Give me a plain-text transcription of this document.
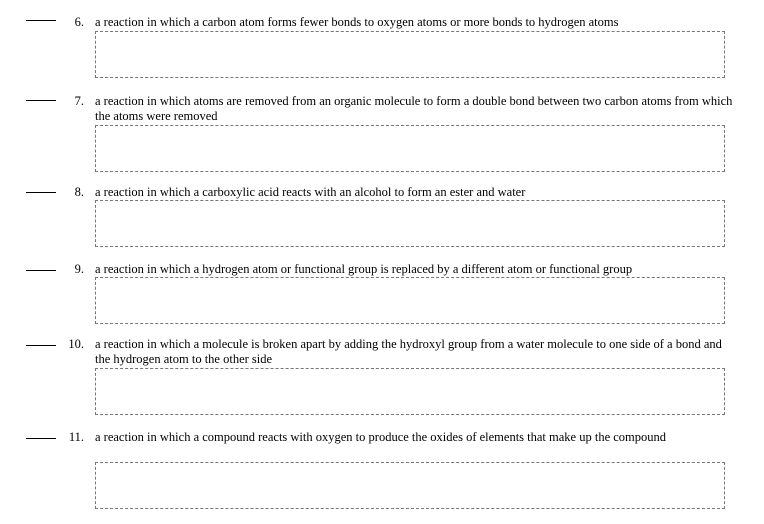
6. a reaction in which a carbon atom forms fewer bonds to oxygen atoms or more bonds to hydrogen atoms
7. a reaction in which atoms are removed from an organic molecule to form a double bond between two carbon atoms from which the atoms were removed
8. a reaction in which a carboxylic acid reacts with an alcohol to form an ester and water
9. a reaction in which a hydrogen atom or functional group is replaced by a different atom or functional group
10. a reaction in which a molecule is broken apart by adding the hydroxyl group from a water molecule to one side of a bond and the hydrogen atom to the other side
11. a reaction in which a compound reacts with oxygen to produce the oxides of elements that make up the compound
